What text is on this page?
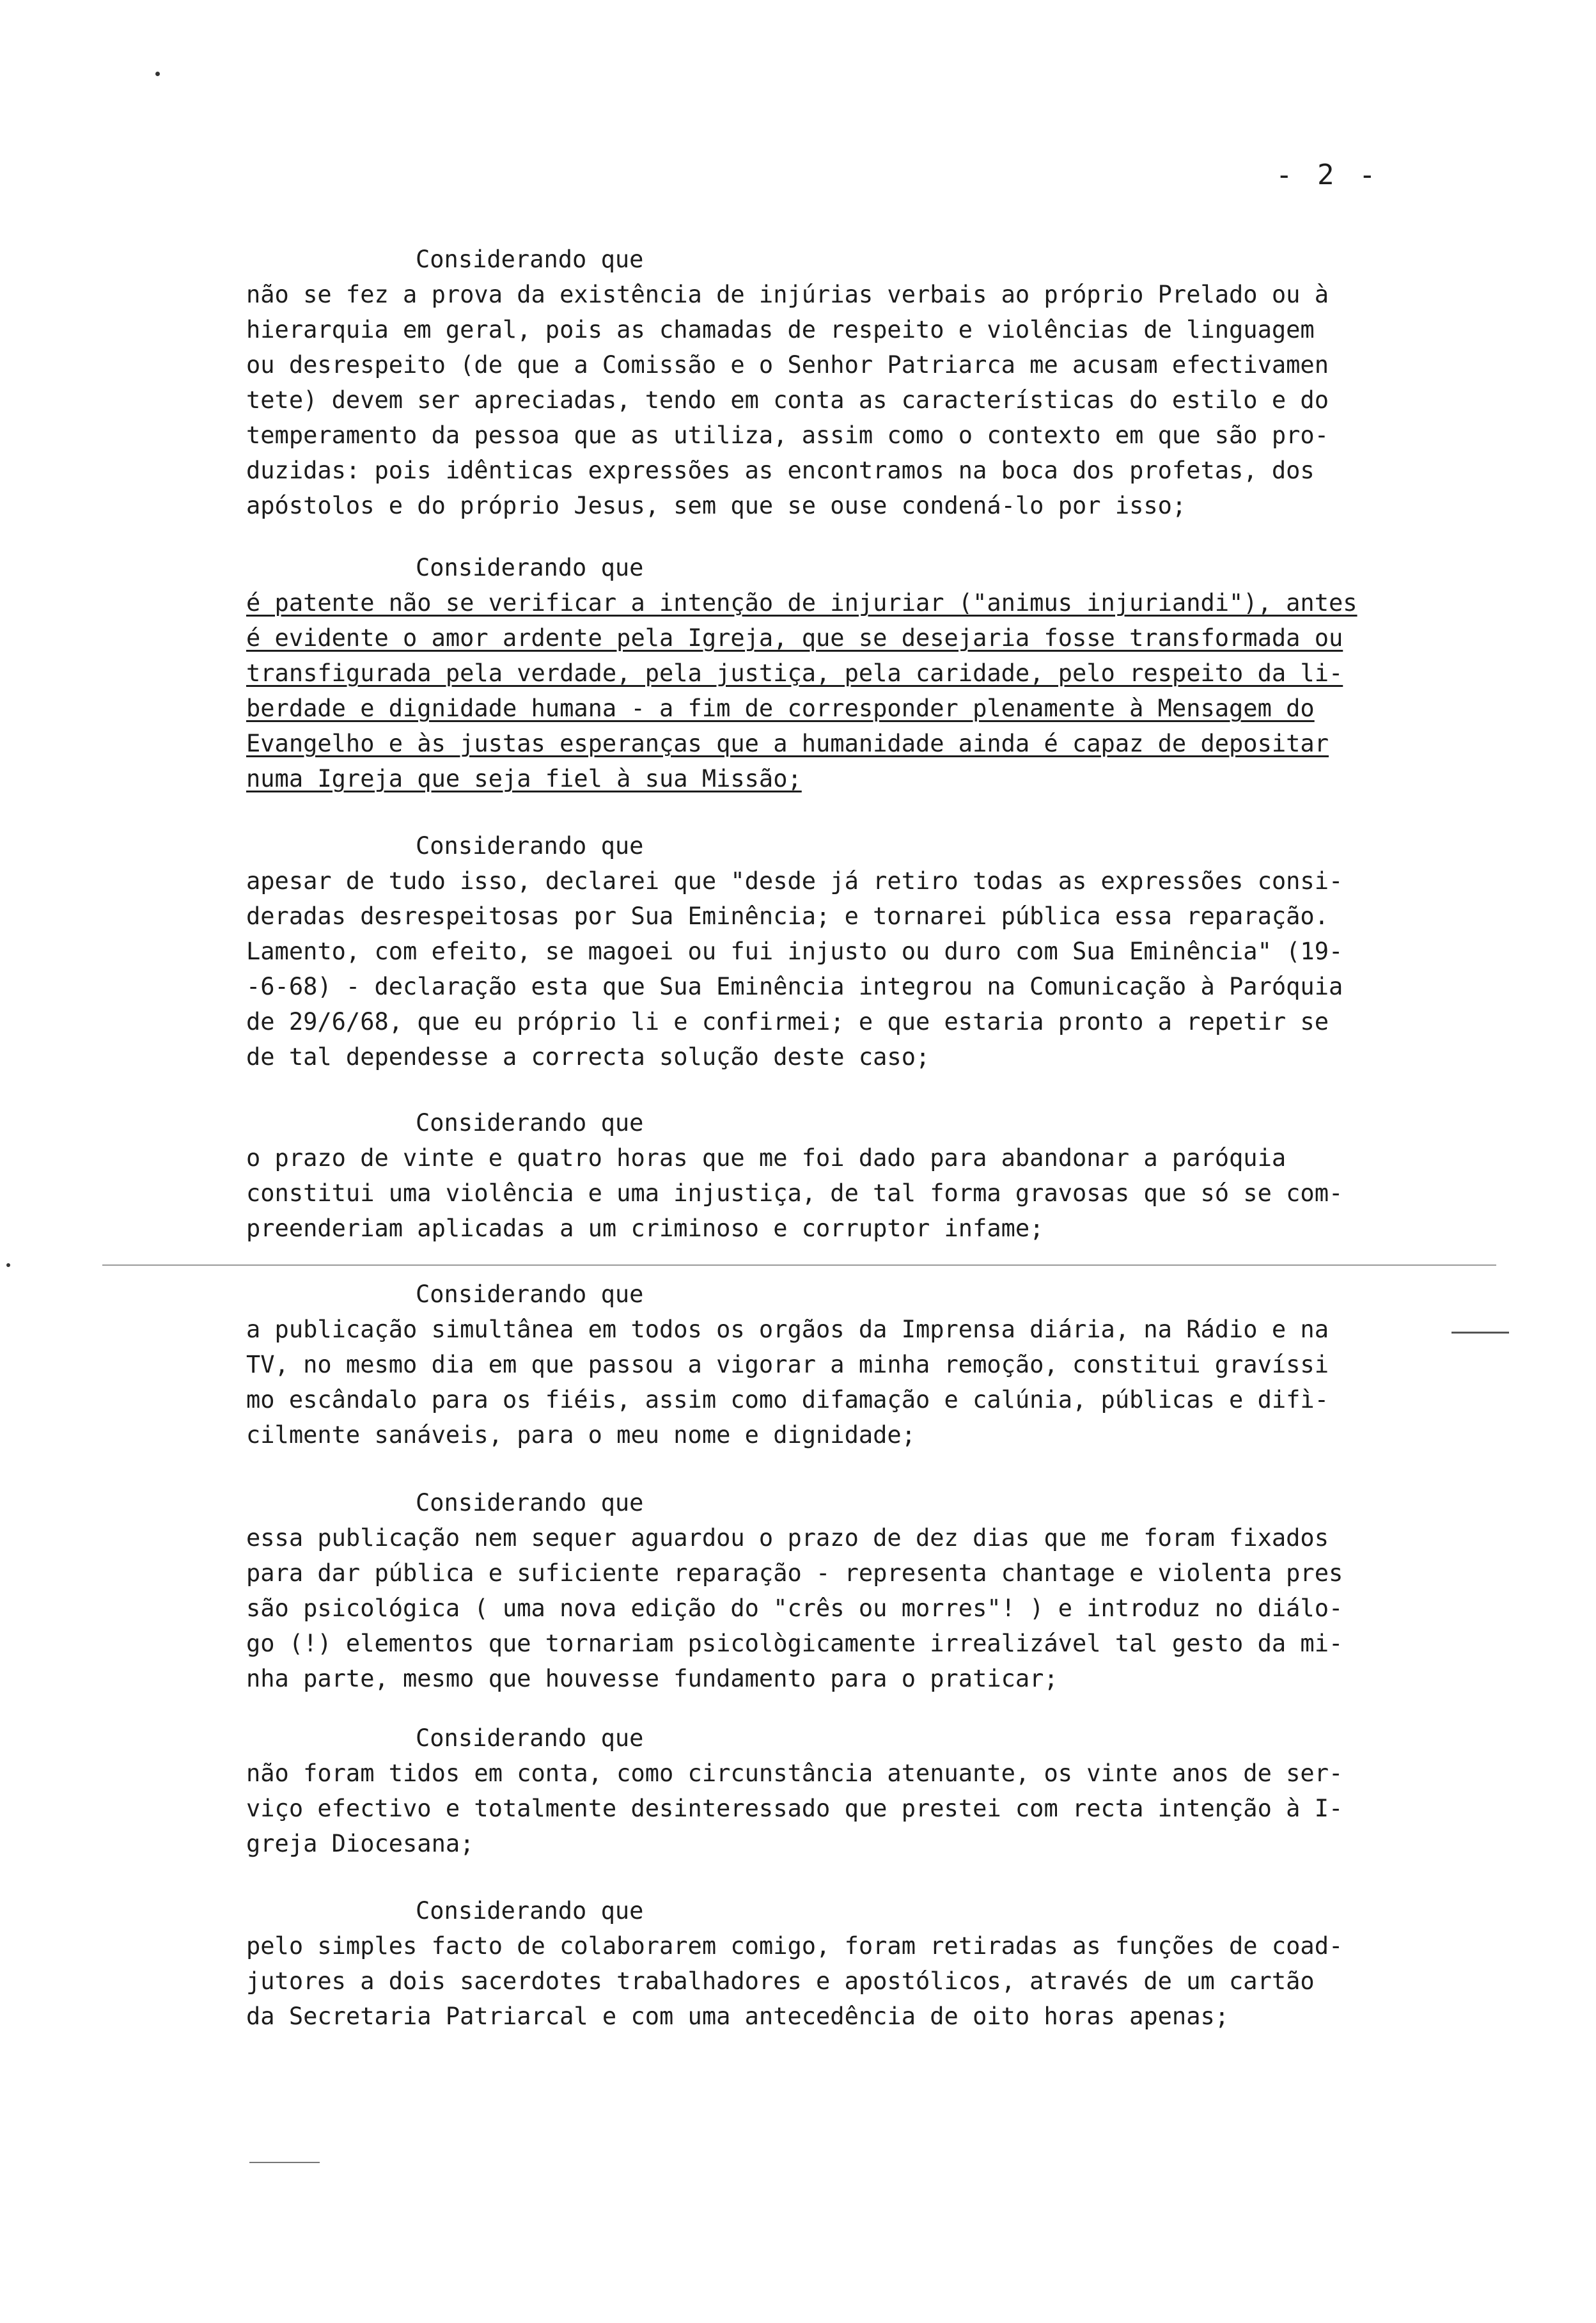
- 2 -
Considerando que
não se fez a prova da existência de injúrias verbais ao próprio Prelado ou à
hierarquia em geral, pois as chamadas de respeito e violências de linguagem
ou desrespeito (de que a Comissão e o Senhor Patriarca me acusam efectivamen
tete) devem ser apreciadas, tendo em conta as características do estilo e do
temperamento da pessoa que as utiliza, assim como o contexto em que são pro-
duzidas: pois idênticas expressões as encontramos na boca dos profetas, dos
apóstolos e do próprio Jesus, sem que se ouse condená-lo por isso;
Considerando que
é patente não se verificar a intenção de injuriar ("animus injuriandi"), antes
é evidente o amor ardente pela Igreja, que se desejaria fosse transformada ou
transfigurada pela verdade, pela justiça, pela caridade, pelo respeito da li-
berdade e dignidade humana - a fim de corresponder plenamente à Mensagem do
Evangelho e às justas esperanças que a humanidade ainda é capaz de depositar
numa Igreja que seja fiel à sua Missão;
Considerando que
apesar de tudo isso, declarei que "desde já retiro todas as expressões consi-
deradas desrespeitosas por Sua Eminência; e tornarei pública essa reparação.
Lamento, com efeito, se magoei ou fui injusto ou duro com Sua Eminência" (19-
-6-68) - declaração esta que Sua Eminência integrou na Comunicação à Paróquia
de 29/6/68, que eu próprio li e confirmei; e que estaria pronto a repetir se
de tal dependesse a correcta solução deste caso;
Considerando que
o prazo de vinte e quatro horas que me foi dado para abandonar a paróquia
constitui uma violência e uma injustiça, de tal forma gravosas que só se com-
preenderiam aplicadas a um criminoso e corruptor infame;
Considerando que
a publicação simultânea em todos os orgãos da Imprensa diária, na Rádio e na
TV, no mesmo dia em que passou a vigorar a minha remoção, constitui gravíssi
mo escândalo para os fiéis, assim como difamação e calúnia, públicas e difì-
cilmente sanáveis, para o meu nome e dignidade;
Considerando que
essa publicação nem sequer aguardou o prazo de dez dias que me foram fixados
para dar pública e suficiente reparação - representa chantage e violenta pres
são psicológica ( uma nova edição do "crês ou morres"! ) e introduz no diálo-
go (!) elementos que tornariam psicològicamente irrealizável tal gesto da mi-
nha parte, mesmo que houvesse fundamento para o praticar;
Considerando que
não foram tidos em conta, como circunstância atenuante, os vinte anos de ser-
viço efectivo e totalmente desinteressado que prestei com recta intenção à I-
greja Diocesana;
Considerando que
pelo simples facto de colaborarem comigo, foram retiradas as funções de coad-
jutores a dois sacerdotes trabalhadores e apostólicos, através de um cartão
da Secretaria Patriarcal e com uma antecedência de oito horas apenas;
